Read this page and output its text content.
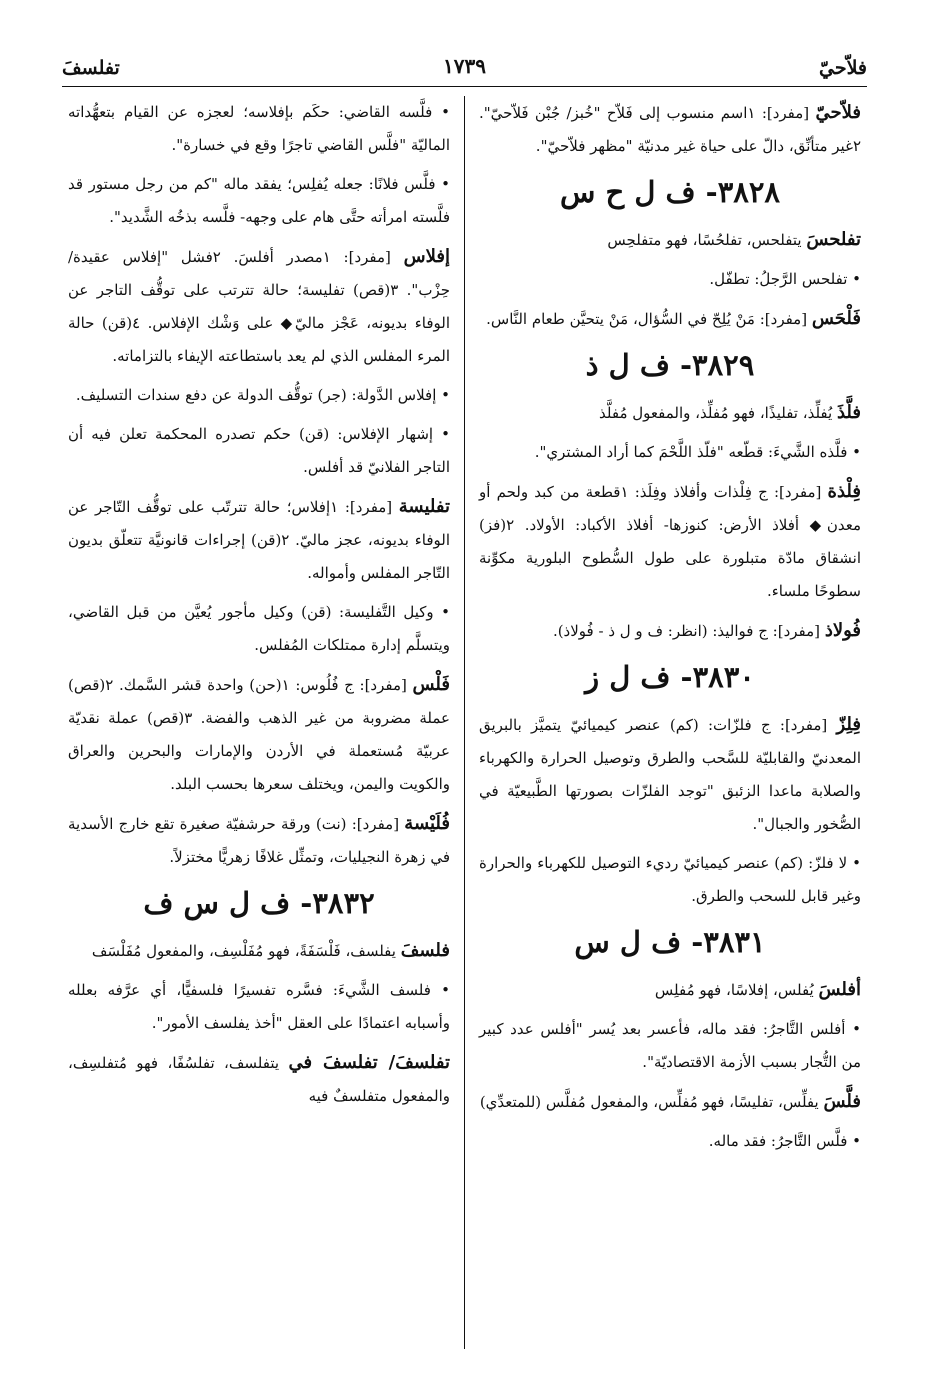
فلاّحيّ
١٧٣٩
تفلسفَ
فلاّحيّ [مفرد]: ١اسم منسوب إلى فَلاّح "خُبز/ جُبْن فَلاّحيّ". ٢غير متأنِّق، دالّ على حياة غير مدنيّة "مظهر فلاّحيّ".
٣٨٢٨- ف ل ح س
تفلحسَ يتفلحس، تفلحُسًا، فهو متفلحِس
• تفلحس الرَّجلُ: تطفّل.
فَلْحَس [مفرد]: مَنْ يُلِحّ في السُّؤال، مَنْ يتحيَّن طعام النَّاس.
٣٨٢٩- ف ل ذ
فلَّذَ يُفلِّذ، تفليذًا، فهو مُفلِّذ، والمفعول مُفلَّذ
• فلَّذه الشَّيءَ: قطّعه "فلّذ اللَّحْمَ كما أراد المشتري".
فِلْذة [مفرد]: ج فِلْذات وأفلاذ وفِلَذ: ١قطعة من كبد ولحم أو معدن◆ أفلاذ الأرض: كنوزها- أفلاذ الأكباد: الأولاد. ٢(فز) انشقاق مادّة متبلورة على طول السُّطوح البلورية مكوِّنة سطوحًا ملساء.
فُولاذ [مفرد]: ج فواليذ: (انظر: ف و ل ذ - فُولاذ).
٣٨٣٠- ف ل ز
فِلِزّ [مفرد]: ج فلزّات: (كم) عنصر كيميائيّ يتميَّز بالبريق المعدنيّ والقابليّة للسَّحب والطرق وتوصيل الحرارة والكهرباء والصلابة ماعدا الزئبق "توجد الفلزّات بصورتها الطَّبيعيّة في الصُّخور والجبال".
• لا فلزّ: (كم) عنصر كيميائيّ رديء التوصيل للكهرباء والحرارة وغير قابل للسحب والطرق.
٣٨٣١- ف ل س
أفلسَ يُفلس، إفلاسًا، فهو مُفلِس
• أفلس التَّاجرُ: فقد ماله، فأعسر بعد يُسر "أفلس عدد كبير من التُّجار بسبب الأزمة الاقتصاديّة".
فلَّسَ يفلِّس، تفليسًا، فهو مُفلِّس، والمفعول مُفلَّس (للمتعدِّي)
• فلَّس التَّاجرُ: فقد ماله.
• فلَّسه القاضي: حكَم بإفلاسه؛ لعجزه عن القيام بتعهُّداته الماليّة "فلَّس القاضي تاجرًا وقع في خسارة".
• فلَّس فلانًا: جعله يُفلِس؛ يفقد ماله "كم من رجل مستور قد فلَّسته امرأته حتَّى هام على وجهه- فلَّسه بذخُه الشَّديد".
إفلاس [مفرد]: ١مصدر أفلسَ. ٢فشل "إفلاس عقيدة/ حِزْب". ٣(قص) تفليسة؛ حالة تترتب على توقُّف التاجر عن الوفاء بديونه، عَجْز ماليّ◆ على وَشْك الإفلاس. ٤(قن) حالة المرء المفلس الذي لم يعد باستطاعته الإيفاء بالتزاماته.
• إفلاس الدَّولة: (جر) توقُّف الدولة عن دفع سندات التسليف.
• إشهار الإفلاس: (قن) حكم تصدره المحكمة تعلن فيه أن التاجر الفلانيّ قد أفلس.
تفليسة [مفرد]: ١إفلاس؛ حالة تترتّب على توقُّف التّاجر عن الوفاء بديونه، عجز ماليّ. ٢(قن) إجراءات قانونيَّة تتعلّق بديون التّاجر المفلس وأمواله.
• وكيل التَّفليسة: (قن) وكيل مأجور يُعيَّن من قبل القاضي، ويتسلَّم إدارة ممتلكات المُفلس.
فَلْس [مفرد]: ج فُلُوس: ١(حن) واحدة قشر السَّمك. ٢(قص) عملة مضروبة من غير الذهب والفضة. ٣(قص) عملة نقديّة عربيّة مُستعملة في الأردن والإمارات والبحرين والعراق والكويت واليمن، ويختلف سعرها بحسب البلد.
فُلَيْسة [مفرد]: (نت) ورقة حرشفيّة صغيرة تقع خارج الأسدية في زهرة النجيليات، وتمثِّل غلافًا زهريًّا مختزلاً.
٣٨٣٢- ف ل س ف
فلسفَ يفلسف، فَلْسَفَةً، فهو مُفَلْسِف، والمفعول مُفَلْسَف
• فلسف الشَّيءَ: فسَّره تفسيرًا فلسفيًّا، أي عرَّفه بعلله وأسبابه اعتمادًا على العقل "أخذ يفلسف الأمور".
تفلسفَ/ تفلسفَ في يتفلسف، تفلسُفًا، فهو مُتفلسِف، والمفعول متفلسفٌ فيه
